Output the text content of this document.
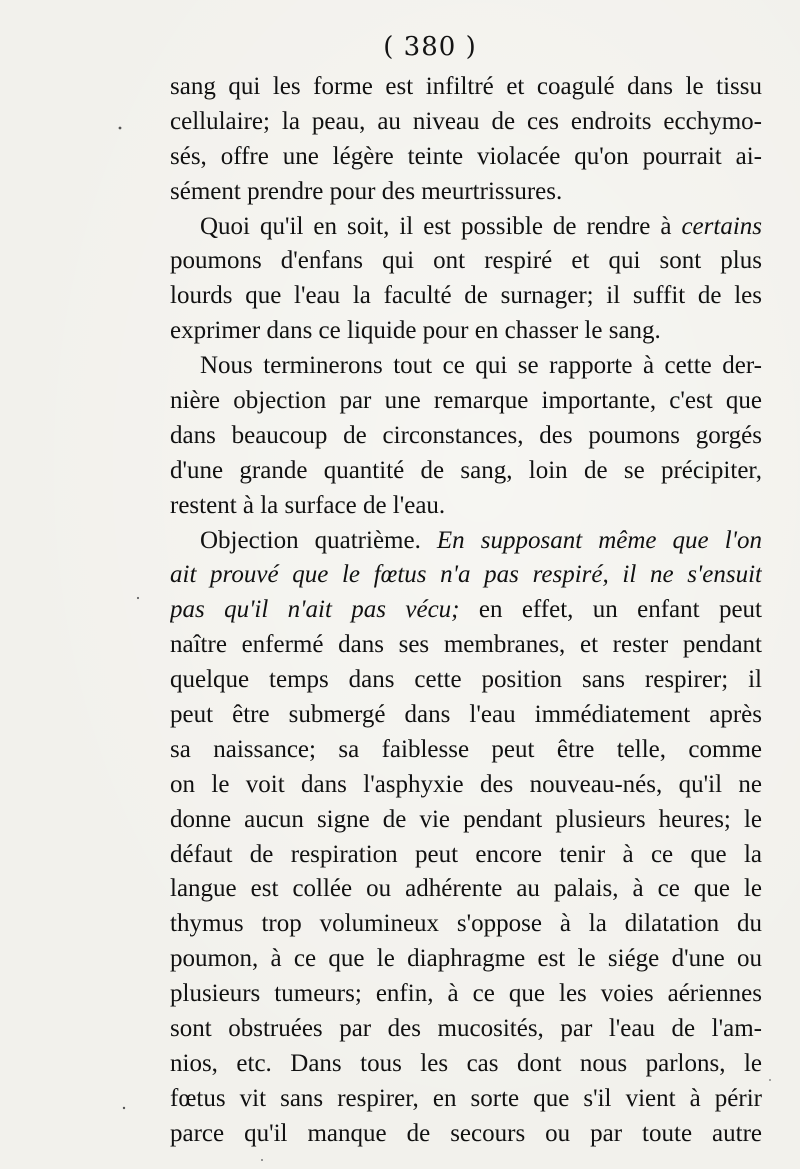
( 380 )
sang qui les forme est infiltré et coagulé dans le tissu
cellulaire; la peau, au niveau de ces endroits ecchymo-
sés, offre une légère teinte violacée qu'on pourrait ai-
sément prendre pour des meurtrissures.
Quoi qu'il en soit, il est possible de rendre à certains
poumons d'enfans qui ont respiré et qui sont plus
lourds que l'eau la faculté de surnager; il suffit de les
exprimer dans ce liquide pour en chasser le sang.
Nous terminerons tout ce qui se rapporte à cette der-
nière objection par une remarque importante, c'est que
dans beaucoup de circonstances, des poumons gorgés
d'une grande quantité de sang, loin de se précipiter,
restent à la surface de l'eau.
Objection quatrième. En supposant même que l'on
ait prouvé que le fœtus n'a pas respiré, il ne s'ensuit
pas qu'il n'ait pas vécu; en effet, un enfant peut
naître enfermé dans ses membranes, et rester pendant
quelque temps dans cette position sans respirer; il
peut être submergé dans l'eau immédiatement après
sa naissance; sa faiblesse peut être telle, comme
on le voit dans l'asphyxie des nouveau-nés, qu'il ne
donne aucun signe de vie pendant plusieurs heures; le
défaut de respiration peut encore tenir à ce que la
langue est collée ou adhérente au palais, à ce que le
thymus trop volumineux s'oppose à la dilatation du
poumon, à ce que le diaphragme est le siége d'une ou
plusieurs tumeurs; enfin, à ce que les voies aériennes
sont obstruées par des mucosités, par l'eau de l'am-
nios, etc. Dans tous les cas dont nous parlons, le
fœtus vit sans respirer, en sorte que s'il vient à périr
parce qu'il manque de secours ou par toute autre
